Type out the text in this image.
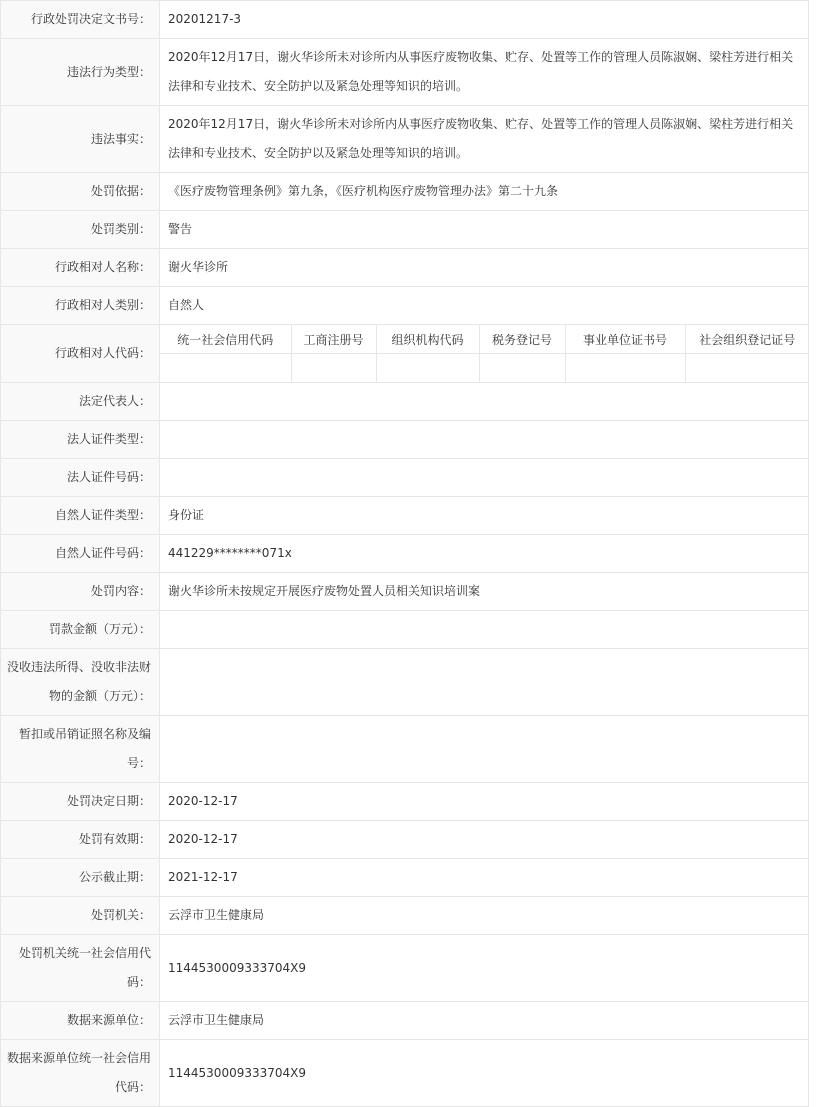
行政处罚决定文书号：	20201217-3
违法行为类型：	2020年12月17日，谢火华诊所未对诊所内从事医疗废物收集、贮存、处置等工作的管理人员陈淑娴、梁柱芳进行相关法律和专业技术、安全防护以及紧急处理等知识的培训。
违法事实：	2020年12月17日，谢火华诊所未对诊所内从事医疗废物收集、贮存、处置等工作的管理人员陈淑娴、梁柱芳进行相关法律和专业技术、安全防护以及紧急处理等知识的培训。
处罚依据：	《医疗废物管理条例》第九条，《医疗机构医疗废物管理办法》第二十九条
处罚类别：	警告
行政相对人名称：	谢火华诊所
行政相对人类别：	自然人
行政相对人代码：	
统一社会信用代码	工商注册号	组织机构代码	税务登记号	事业单位证书号	社会组织登记证号

法定代表人：	
法人证件类型：	
法人证件号码：	
自然人证件类型：	身份证
自然人证件号码：	441229********071x
处罚内容：	谢火华诊所未按规定开展医疗废物处置人员相关知识培训案
罚款金额（万元）：	
没收违法所得、没收非法财物的金额（万元）：	
暂扣或吊销证照名称及编号：	
处罚决定日期：	2020-12-17
处罚有效期：	2020-12-17
公示截止期：	2021-12-17
处罚机关：	云浮市卫生健康局
处罚机关统一社会信用代码：	1144530009333704X9
数据来源单位：	云浮市卫生健康局
数据来源单位统一社会信用代码：	1144530009333704X9
